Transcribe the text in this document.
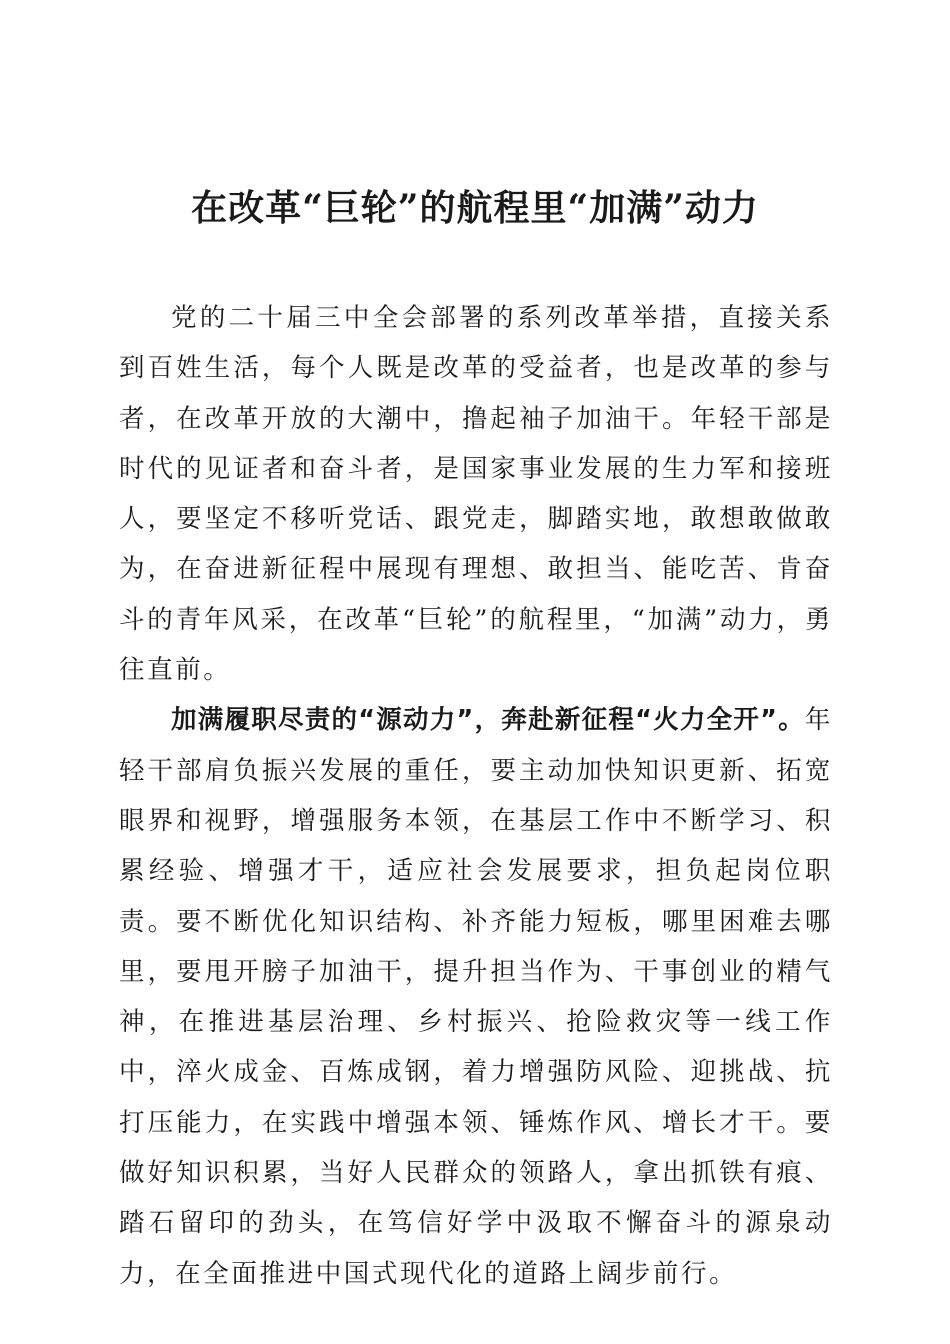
在改革“巨轮”的航程里“加满”动力

党的二十届三中全会部署的系列改革举措，直接关系到百姓生活，每个人既是改革的受益者，也是改革的参与者，在改革开放的大潮中，撸起袖子加油干。年轻干部是时代的见证者和奋斗者，是国家事业发展的生力军和接班人，要坚定不移听党话、跟党走，脚踏实地，敢想敢做敢为，在奋进新征程中展现有理想、敢担当、能吃苦、肯奋斗的青年风采，在改革“巨轮”的航程里，“加满”动力，勇往直前。

加满履职尽责的“源动力”，奔赴新征程“火力全开”。年轻干部肩负振兴发展的重任，要主动加快知识更新、拓宽眼界和视野，增强服务本领，在基层工作中不断学习、积累经验、增强才干，适应社会发展要求，担负起岗位职责。要不断优化知识结构、补齐能力短板，哪里困难去哪里，要甩开膀子加油干，提升担当作为、干事创业的精气神，在推进基层治理、乡村振兴、抢险救灾等一线工作中，淬火成金、百炼成钢，着力增强防风险、迎挑战、抗打压能力，在实践中增强本领、锤炼作风、增长才干。要做好知识积累，当好人民群众的领路人，拿出抓铁有痕、踏石留印的劲头，在笃信好学中汲取不懈奋斗的源泉动力，在全面推进中国式现代化的道路上阔步前行。
